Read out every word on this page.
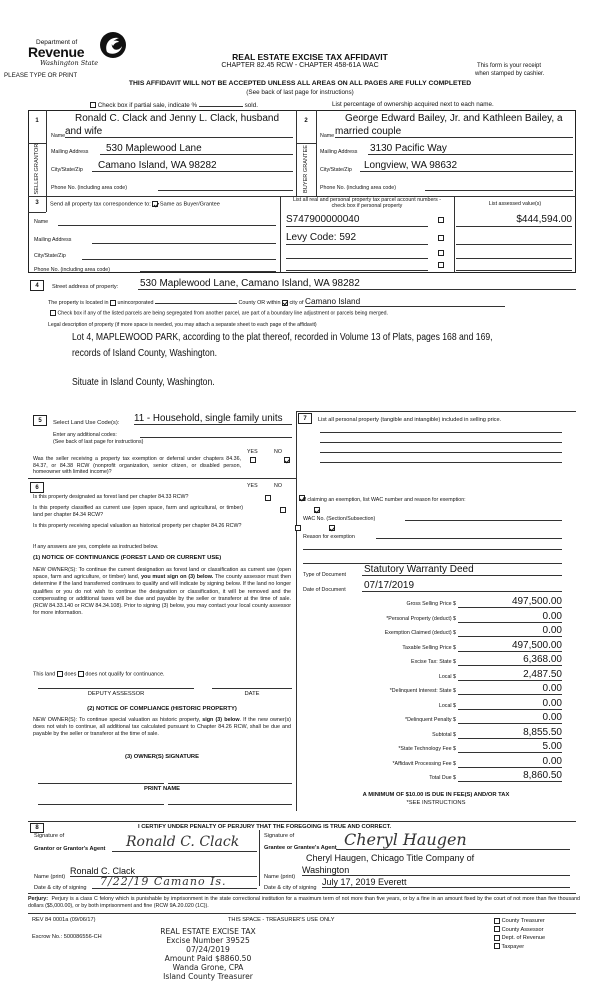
Department of
Revenue
Washington State
PLEASE TYPE OR PRINT
REAL ESTATE EXCISE TAX AFFIDAVIT
CHAPTER 82.45 RCW - CHAPTER 458-61A WAC	This form is your receipt
when stamped by cashier.
THIS AFFIDAVIT WILL NOT BE ACCEPTED UNLESS ALL AREAS ON ALL PAGES ARE FULLY COMPLETED
(See back of last page for instructions)
Check box if partial sale, indicate %	sold.	List percentage of ownership acquired next to each name.
1
SELLER GRANTOR
Ronald C. Clack and Jenny L. Clack, husband
Name and wife
Mailing Address	530 Maplewood Lane
City/State/Zip	Camano Island, WA 98282
Phone No. (including area code)
2
BUYER GRANTEE
George Edward Bailey, Jr. and Kathleen Bailey, a
Name married couple
Mailing Address 3130 Pacific Way
City/State/Zip	Longview, WA 98632
Phone No. (including area code)
3	Send all property tax correspondence to: Same as Buyer/Grantee
List all real and personal property tax parcel account numbers - check box if personal property	List assessed value(s)
Name
Mailing Address
City/State/Zip
Phone No. (including area code)
S747900000040	$444,594.00
Levy Code: 592
4	Street address of property: 530 Maplewood Lane, Camano Island, WA 98282
The property is located in unincorporated	County OR within city of Camano Island
Check box if any of the listed parcels are being segregated from another parcel, are part of a boundary line adjustment or parcels being merged.
Legal description of property (if more space is needed, you may attach a separate sheet to each page of the affidavit)
Lot 4, MAPLEWOOD PARK, according to the plat thereof, recorded in Volume 13 of Plats, pages 168 and 169,
records of Island County, Washington.
Situate in Island County, Washington.
5	Select Land Use Code(s): 11 - Household, single family units
Enter any additional codes:
(See back of last page for instructions)
YES	NO
Was the seller receiving a property tax exemption or deferral under chapters 84.36, 84.37, or 84.38 RCW (nonprofit organization, senior citizen, or disabled person, homeowner with limited income)?

6	YES	NO
Is this property designated as forest land per chapter 84.33 RCW?

Is this property classified as current use (open space, farm and agricultural, or timber) land per chapter 84.34 RCW?

Is this property receiving special valuation as historical property per chapter 84.26 RCW?

If any answers are yes, complete as instructed below.
(1) NOTICE OF CONTINUANCE (FOREST LAND OR CURRENT USE)
NEW OWNER(S): To continue the current designation as forest land or classification as current use (open space, farm and agriculture, or timber) land, you must sign on (3) below. The county assessor must then determine if the land transferred continues to qualify and will indicate by signing below. If the land no longer qualifies or you do not wish to continue the designation or classification, it will be removed and the compensating or additional taxes will be due and payable by the seller or transferor at the time of sale. (RCW 84.33.140 or RCW 84.34.108). Prior to signing (3) below, you may contact your local county assessor for more information.
This land does does not qualify for continuance.
DEPUTY ASSESSOR	DATE
(2) NOTICE OF COMPLIANCE (HISTORIC PROPERTY)
NEW OWNER(S): To continue special valuation as historic property, sign (3) below. If the new owner(s) does not wish to continue, all additional tax calculated pursuant to Chapter 84.26 RCW, shall be due and payable by the seller or transferor at the time of sale.
(3) OWNER(S) SIGNATURE
PRINT NAME
7	List all personal property (tangible and intangible) included in selling price.
If claiming an exemption, list WAC number and reason for exemption:
WAC No. (Section/Subsection)
Reason for exemption
Type of Document Statutory Warranty Deed
Date of Document 07/17/2019
Gross Selling Price $	497,500.00
*Personal Property (deduct) $	0.00
Exemption Claimed (deduct) $	0.00
Taxable Selling Price $	497,500.00
Excise Tax: State $	6,368.00
Local $	2,487.50
*Delinquent Interest: State $	0.00
Local $	0.00
*Delinquent Penalty $	0.00
Subtotal $	8,855.50
*State Technology Fee $	5.00
*Affidavit Processing Fee $	0.00
Total Due $	8,860.50
A MINIMUM OF $10.00 IS DUE IN FEE(S) AND/OR TAX
*SEE INSTRUCTIONS
8	I CERTIFY UNDER PENALTY OF PERJURY THAT THE FOREGOING IS TRUE AND CORRECT.
Signature of
Grantor or Grantor's Agent Ronald C. Clack
Name (print)
Ronald C. Clack
Date & city of signing	7/22/19 Camano Is.
Signature of
Grantee or Grantee's Agent Cheryl Haugen
Cheryl Haugen, Chicago Title Company of
Name (print)
Washington
Date & city of signing
July 17, 2019 Everett
Perjury: Perjury is a class C felony which is punishable by imprisonment in the state correctional institution for a maximum term of not more than five years, or by a fine in an amount fixed by the court of not more than five thousand dollars ($5,000.00), or by both imprisonment and fine (RCW 9A.20.020 (1C)).
REV 84 0001a (09/06/17)	THIS SPACE - TREASURER'S USE ONLY
Escrow No.: 500086556-CH
County Treasurer
County Assessor
Dept. of Revenue
Taxpayer
REAL ESTATE EXCISE TAX
Excise Number 39525
07/24/2019
Amount Paid $8860.50
Wanda Grone, CPA
Island County Treasurer
